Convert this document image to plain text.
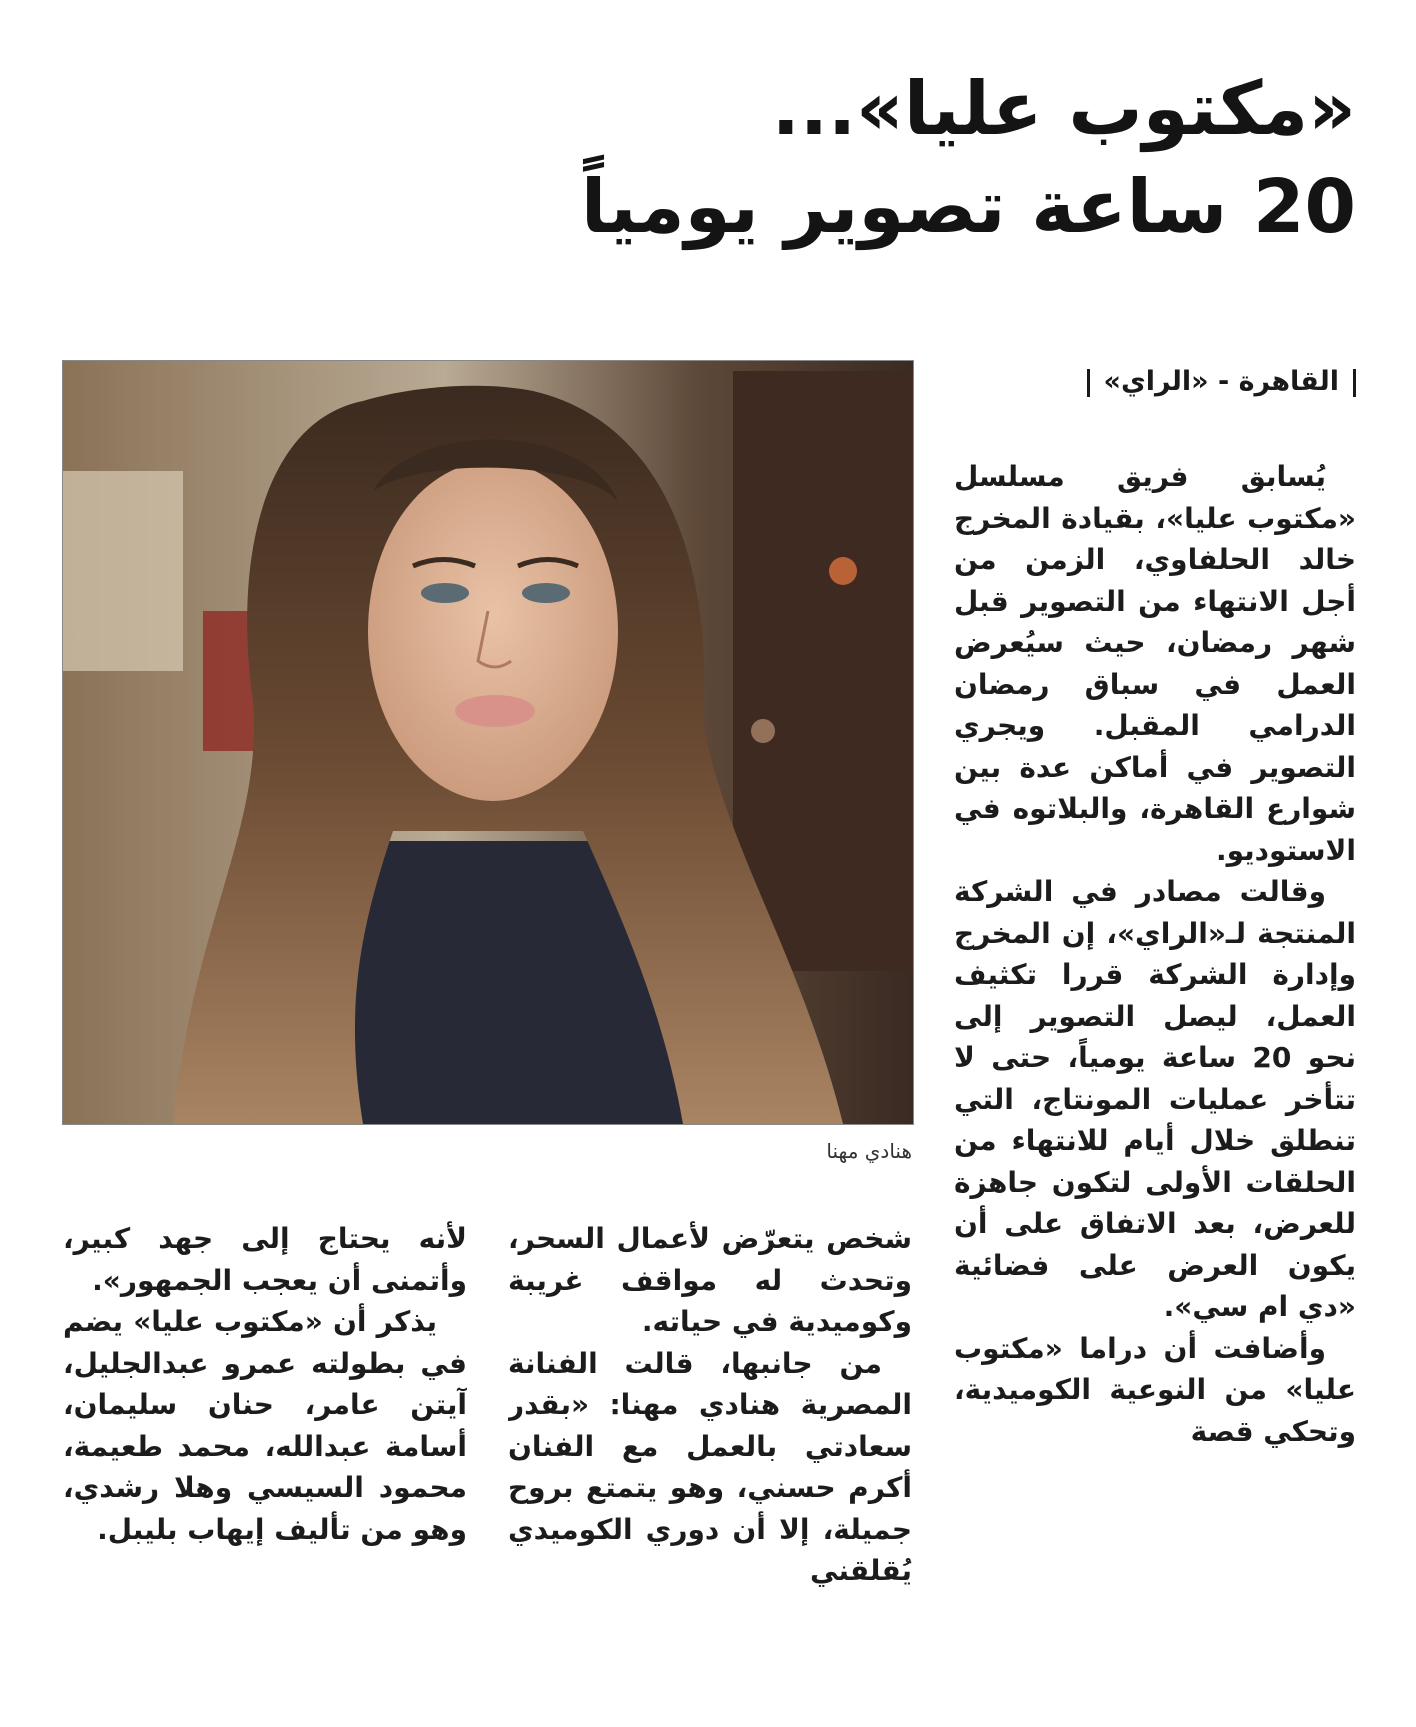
«مكتوب عليا»...
20 ساعة تصوير يومياً
القاهرة - «الراي»

يُسابق فريق مسلسل «مكتوب عليا»، بقيادة المخرج خالد الحلفاوي، الزمن من أجل الانتهاء من التصوير قبل شهر رمضان، حيث سيُعرض العمل في سباق رمضان الدرامي المقبل. ويجري التصوير في أماكن عدة بين شوارع القاهرة، والبلاتوه في الاستوديو.

وقالت مصادر في الشركة المنتجة لـ«الراي»، إن المخرج وإدارة الشركة قررا تكثيف العمل، ليصل التصوير إلى نحو 20 ساعة يومياً، حتى لا تتأخر عمليات المونتاج، التي تنطلق خلال أيام للانتهاء من الحلقات الأولى لتكون جاهزة للعرض، بعد الاتفاق على أن يكون العرض على فضائية «دي ام سي».

وأضافت أن دراما «مكتوب عليا» من النوعية الكوميدية، وتحكي قصة

هنادي مهنا

شخص يتعرّض لأعمال السحر، وتحدث له مواقف غريبة وكوميدية في حياته.

من جانبها، قالت الفنانة المصرية هنادي مهنا: «بقدر سعادتي بالعمل مع الفنان أكرم حسني، وهو يتمتع بروح جميلة، إلا أن دوري الكوميدي يُقلقني

لأنه يحتاج إلى جهد كبير، وأتمنى أن يعجب الجمهور».

يذكر أن «مكتوب عليا» يضم في بطولته عمرو عبدالجليل، آيتن عامر، حنان سليمان، أسامة عبدالله، محمد طعيمة، محمود السيسي وهلا رشدي، وهو من تأليف إيهاب بليبل.
